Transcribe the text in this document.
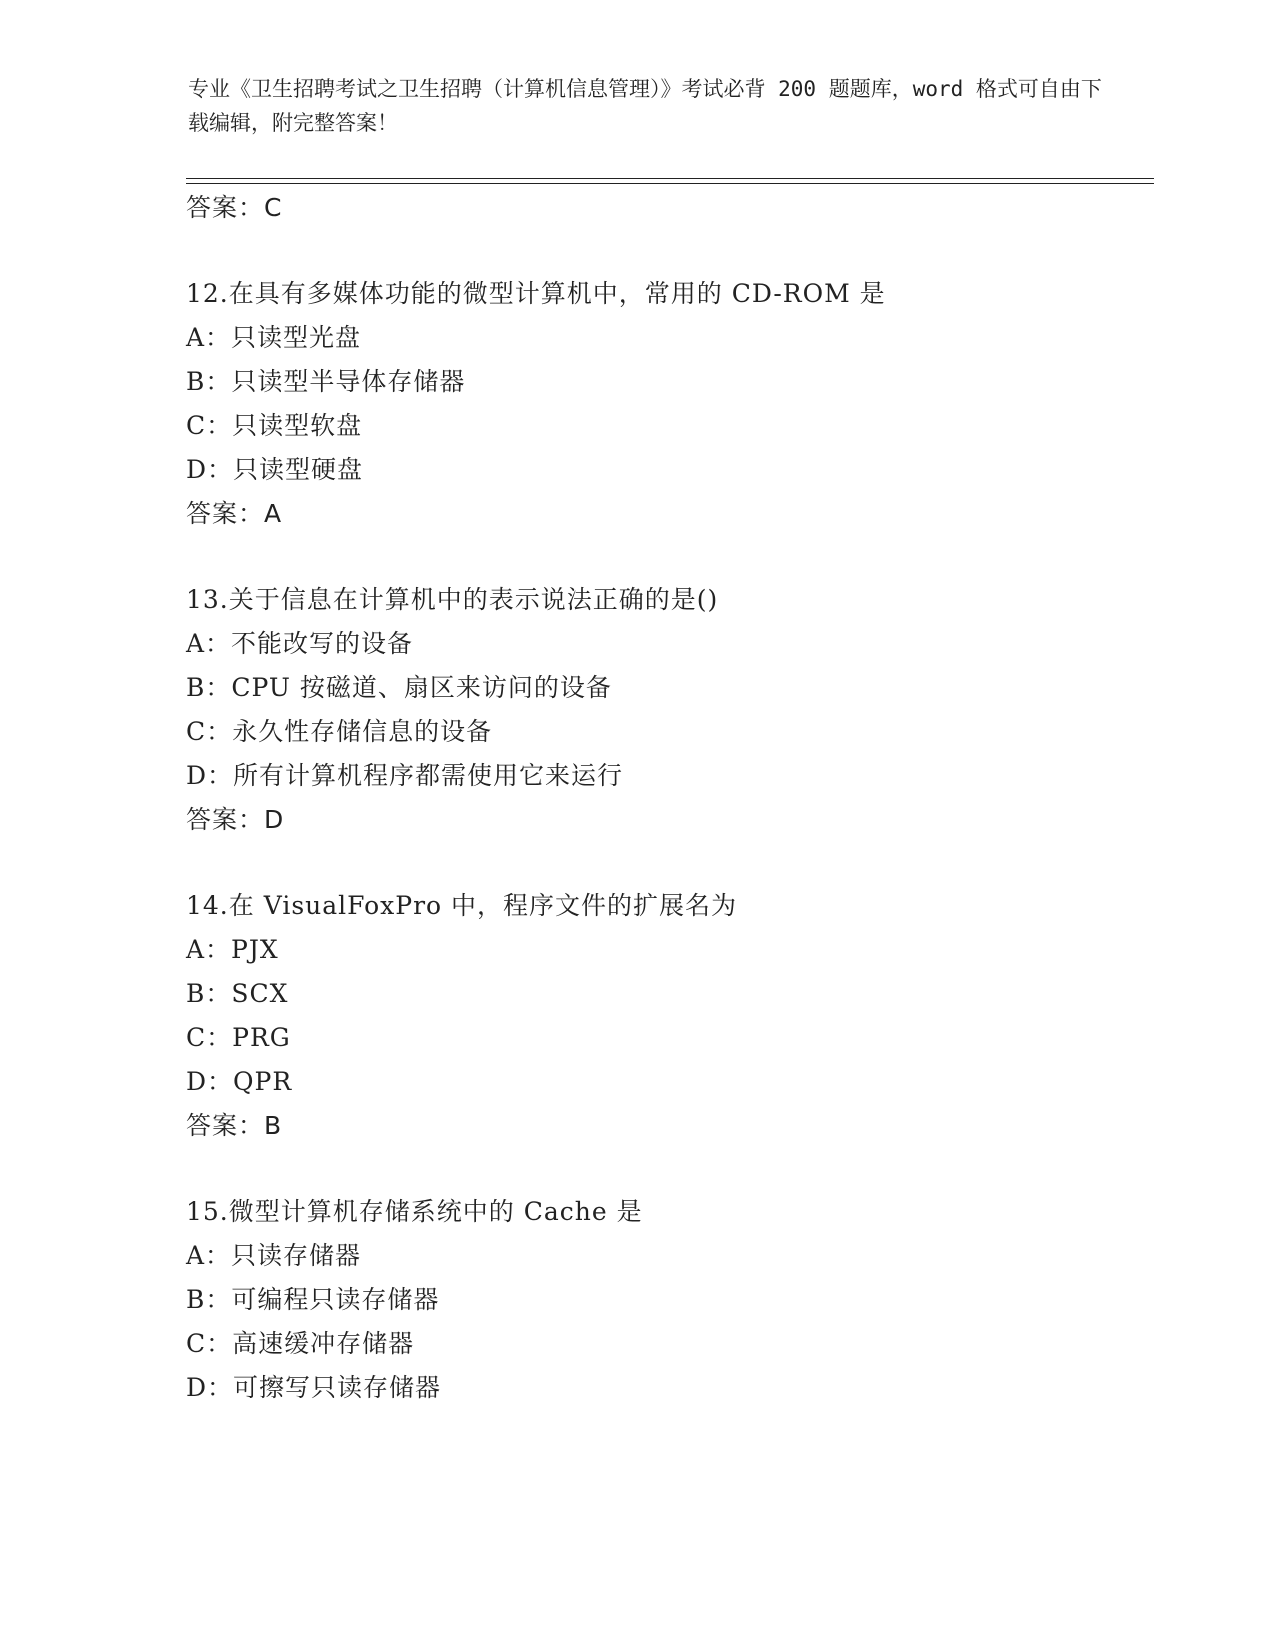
专业《卫生招聘考试之卫生招聘（计算机信息管理）》考试必背 200 题题库，word 格式可自由下载编辑，附完整答案！
答案：C
12.在具有多媒体功能的微型计算机中，常用的 CD-ROM 是
A：只读型光盘
B：只读型半导体存储器
C：只读型软盘
D：只读型硬盘
答案：A
13.关于信息在计算机中的表示说法正确的是()
A：不能改写的设备
B：CPU 按磁道、扇区来访问的设备
C：永久性存储信息的设备
D：所有计算机程序都需使用它来运行
答案：D
14.在 VisualFoxPro 中，程序文件的扩展名为
A：PJX
B：SCX
C：PRG
D：QPR
答案：B
15.微型计算机存储系统中的 Cache 是
A：只读存储器
B：可编程只读存储器
C：高速缓冲存储器
D：可擦写只读存储器
